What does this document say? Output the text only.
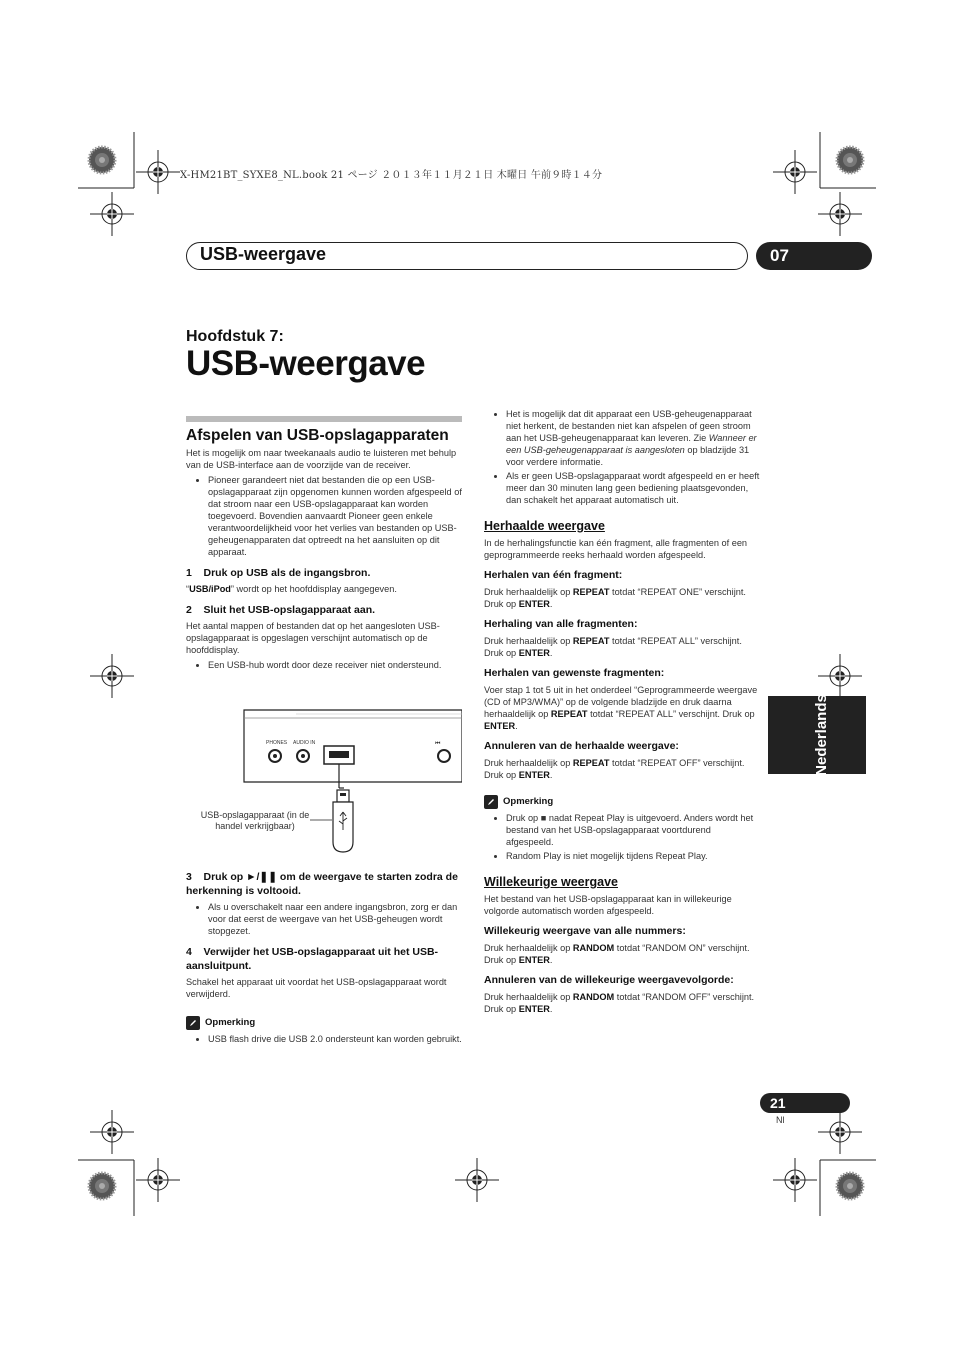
X-HM21BT_SYXE8_NL.book 21 ページ ２０１３年１１月２１日 木曜日 午前９時１４分
USB-weergave	07
Hoofdstuk 7:
USB-weergave
Nederlands
21
Nl
Afspelen van USB-opslagapparaten

Het is mogelijk om naar tweekanaals audio te luisteren met behulp van de USB-interface aan de voorzijde van de receiver.

• Pioneer garandeert niet dat bestanden die op een USB-opslagapparaat zijn opgenomen kunnen worden afgespeeld of dat stroom naar een USB-opslagapparaat kan worden toegevoerd. Bovendien aanvaardt Pioneer geen enkele verantwoordelijkheid voor het verlies van bestanden op USB-geheugenapparaten dat optreedt na het aansluiten op dit apparaat.
1 Druk op USB als de ingangsbron.

“USB/iPod” wordt op het hoofddisplay aangegeven.

2 Sluit het USB-opslagapparaat aan.

Het aantal mappen of bestanden dat op het aangesloten USB-opslagapparaat is opgeslagen verschijnt automatisch op de hoofddisplay.

• Een USB-hub wordt door deze receiver niet ondersteund.
PHONES AUDIO IN	⏮
USB-opslagapparaat (in de handel verkrijgbaar)
3 Druk op ►/❚❚ om de weergave te starten zodra de herkenning is voltooid.
• Als u overschakelt naar een andere ingangsbron, zorg er dan voor dat eerst de weergave van het USB-geheugen wordt stopgezet.
4 Verwijder het USB-opslagapparaat uit het USB-aansluitpunt.

Schakel het apparaat uit voordat het USB-opslagapparaat wordt verwijderd.

Opmerking
• USB flash drive die USB 2.0 ondersteunt kan worden gebruikt.
• Het is mogelijk dat dit apparaat een USB-geheugenapparaat niet herkent, de bestanden niet kan afspelen of geen stroom aan het USB-geheugenapparaat kan leveren. Zie Wanneer er een USB-geheugenapparaat is aangesloten op bladzijde 31 voor verdere informatie.
• Als er geen USB-opslagapparaat wordt afgespeeld en er heeft meer dan 30 minuten lang geen bediening plaatsgevonden, dan schakelt het apparaat automatisch uit.
Herhaalde weergave

In de herhalingsfunctie kan één fragment, alle fragmenten of een geprogrammeerde reeks herhaald worden afgespeeld.

Herhalen van één fragment:

Druk herhaaldelijk op REPEAT totdat “REPEAT ONE” verschijnt. Druk op ENTER.

Herhaling van alle fragmenten:

Druk herhaaldelijk op REPEAT totdat “REPEAT ALL” verschijnt. Druk op ENTER.

Herhalen van gewenste fragmenten:

Voer stap 1 tot 5 uit in het onderdeel “Geprogrammeerde weergave (CD of MP3/WMA)” op de volgende bladzijde en druk daarna herhaaldelijk op REPEAT totdat “REPEAT ALL” verschijnt. Druk op ENTER.

Annuleren van de herhaalde weergave:

Druk herhaaldelijk op REPEAT totdat “REPEAT OFF” verschijnt. Druk op ENTER.

Opmerking
• Druk op ■ nadat Repeat Play is uitgevoerd. Anders wordt het bestand van het USB-opslagapparaat voortdurend afgespeeld.
• Random Play is niet mogelijk tijdens Repeat Play.
Willekeurige weergave

Het bestand van het USB-opslagapparaat kan in willekeurige volgorde automatisch worden afgespeeld.

Willekeurig weergave van alle nummers:

Druk herhaaldelijk op RANDOM totdat “RANDOM ON” verschijnt. Druk op ENTER.

Annuleren van de willekeurige weergavevolgorde:

Druk herhaaldelijk op RANDOM totdat “RANDOM OFF” verschijnt. Druk op ENTER.
